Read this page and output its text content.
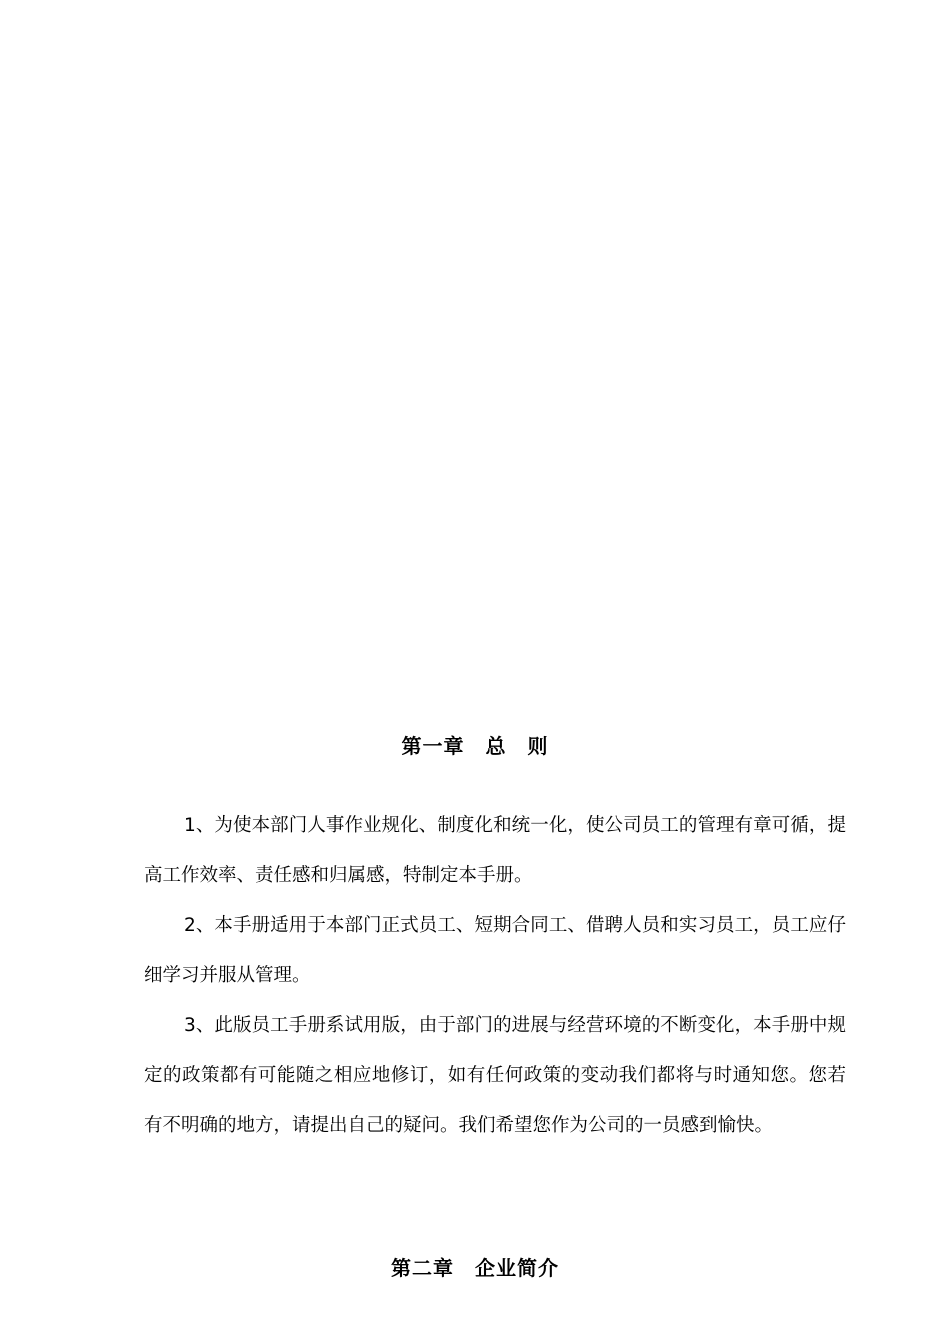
第一章　总　则

1、为使本部门人事作业规化、制度化和统一化，使公司员工的管理有章可循，提高工作效率、责任感和归属感，特制定本手册。

2、本手册适用于本部门正式员工、短期合同工、借聘人员和实习员工，员工应仔细学习并服从管理。

3、此版员工手册系试用版，由于部门的进展与经营环境的不断变化，本手册中规定的政策都有可能随之相应地修订，如有任何政策的变动我们都将与时通知您。您若有不明确的地方，请提出自己的疑问。我们希望您作为公司的一员感到愉快。

第二章　企业简介
